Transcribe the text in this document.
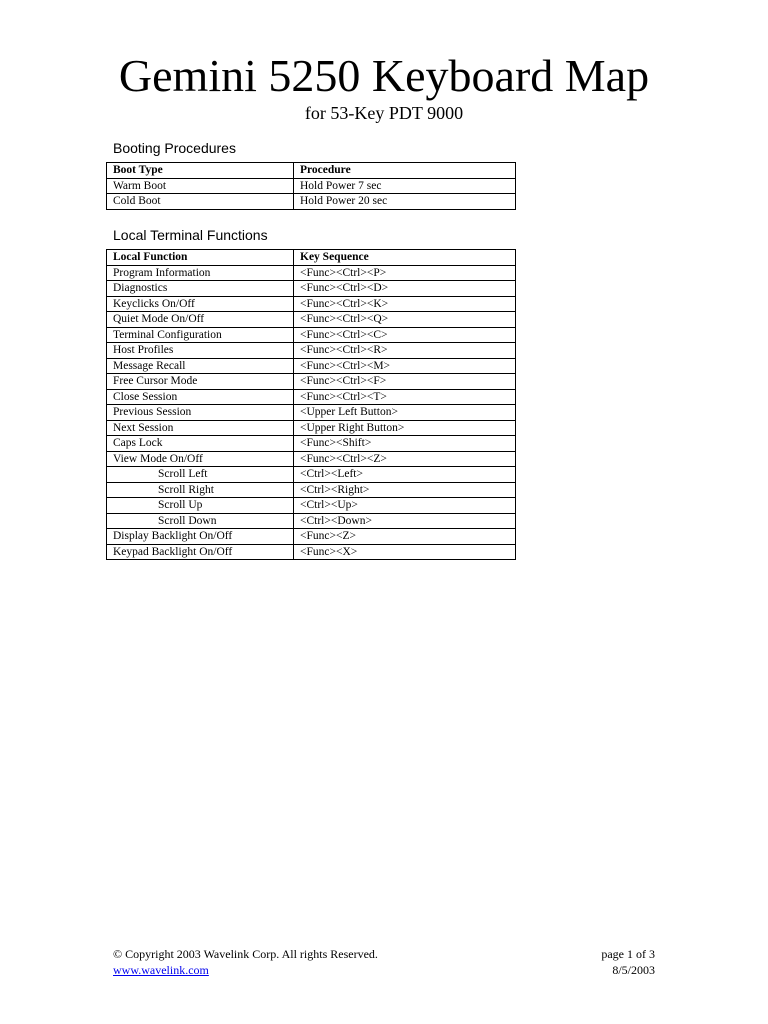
Gemini 5250 Keyboard Map
for 53-Key PDT 9000
Booting Procedures
Boot Type	Procedure
Warm Boot	Hold Power 7 sec
Cold Boot	Hold Power 20 sec
Local Terminal Functions
Local Function	Key Sequence
Program Information	<Func><Ctrl><P>
Diagnostics	<Func><Ctrl><D>
Keyclicks On/Off	<Func><Ctrl><K>
Quiet Mode On/Off	<Func><Ctrl><Q>
Terminal Configuration	<Func><Ctrl><C>
Host Profiles	<Func><Ctrl><R>
Message Recall	<Func><Ctrl><M>
Free Cursor Mode	<Func><Ctrl><F>
Close Session	<Func><Ctrl><T>
Previous Session	<Upper Left Button>
Next Session	<Upper Right Button>
Caps Lock	<Func><Shift>
View Mode On/Off	<Func><Ctrl><Z>
Scroll Left	<Ctrl><Left>
Scroll Right	<Ctrl><Right>
Scroll Up	<Ctrl><Up>
Scroll Down	<Ctrl><Down>
Display Backlight On/Off	<Func><Z>
Keypad Backlight On/Off	<Func><X>
© Copyright 2003 Wavelink Corp. All rights Reserved.
www.wavelink.com
page 1 of 3
8/5/2003
